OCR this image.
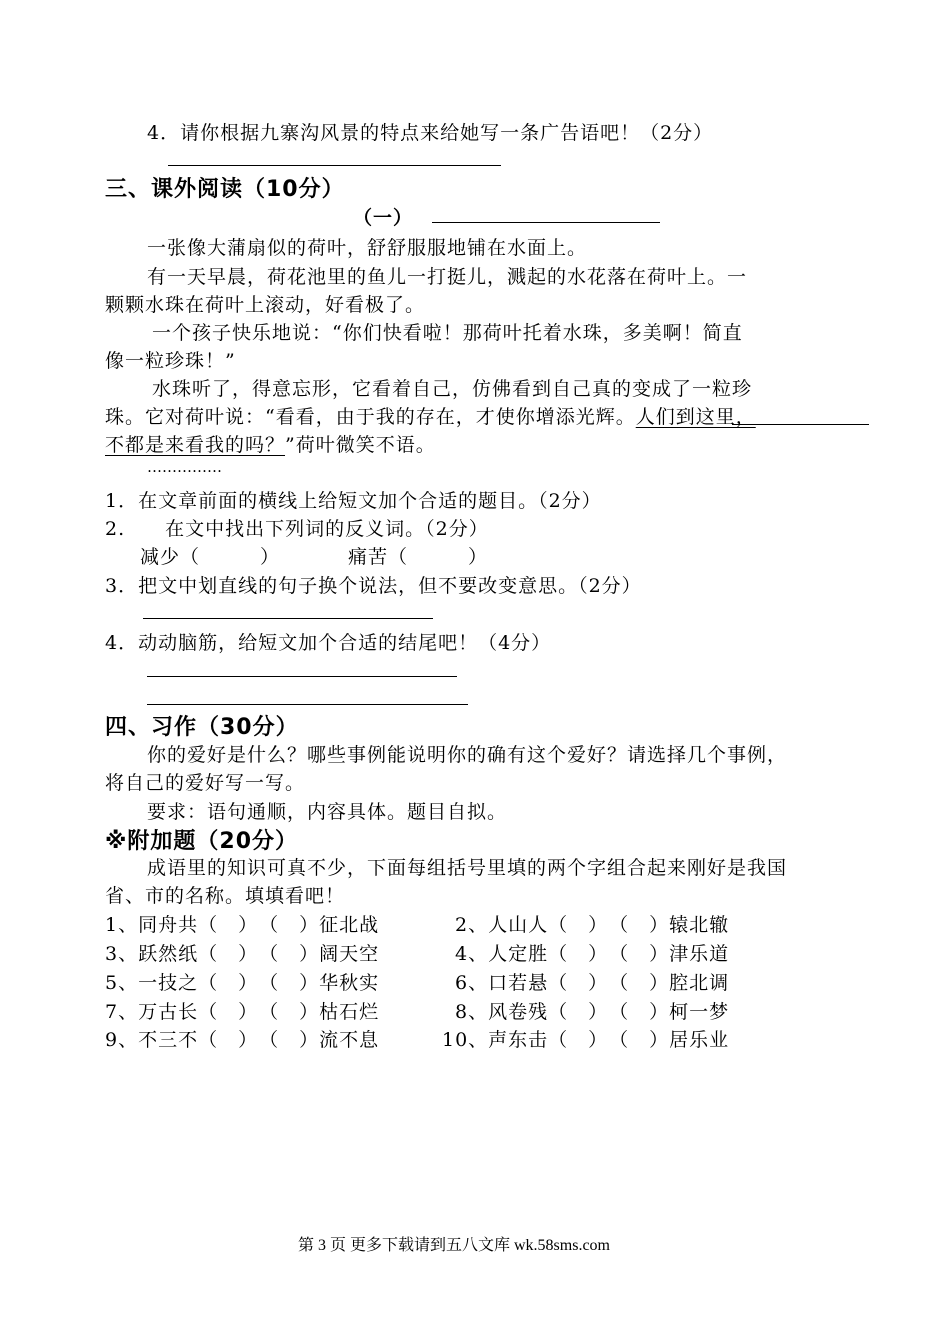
4．请你根据九寨沟风景的特点来给她写一条广告语吧！（2分）
三、课外阅读（10分）
（一）
一张像大蒲扇似的荷叶，舒舒服服地铺在水面上。
有一天早晨，荷花池里的鱼儿一打挺儿，溅起的水花落在荷叶上。一
颗颗水珠在荷叶上滚动，好看极了。
一个孩子快乐地说：“你们快看啦！那荷叶托着水珠，多美啊！简直
像一粒珍珠！”
水珠听了，得意忘形，它看着自己，仿佛看到自己真的变成了一粒珍
珠。它对荷叶说：“看看，由于我的存在，才使你增添光辉。人们到这里，
不都是来看我的吗？”荷叶微笑不语。
……………
1．在文章前面的横线上给短文加个合适的题目。（2分）
2.　　在文中找出下列词的反义词。（2分）
减少（　　　）	痛苦（　　　）
3．把文中划直线的句子换个说法，但不要改变意思。（2分）
4．动动脑筋，给短文加个合适的结尾吧！（4分）
四、习作（30分）
你的爱好是什么？哪些事例能说明你的确有这个爱好？请选择几个事例，
将自己的爱好写一写。
要求：语句通顺，内容具体。题目自拟。
※附加题（20分）
成语里的知识可真不少，下面每组括号里填的两个字组合起来刚好是我国
省、市的名称。填填看吧！
1、同舟共（　）　（　）征北战	2、人山人（　）　（　）辕北辙
3、跃然纸（　）　（　）阔天空	4、人定胜（　）　（　）津乐道
5、一技之（　）　（　）华秋实	6、口若悬（　）　（　）腔北调
7、万古长（　）　（　）枯石烂	8、风卷残（　）　（　）柯一梦
9、不三不（　）　（　）流不息	10、声东击（　）　（　）居乐业
第 3 页 更多下载请到五八文库 wk.58sms.com
